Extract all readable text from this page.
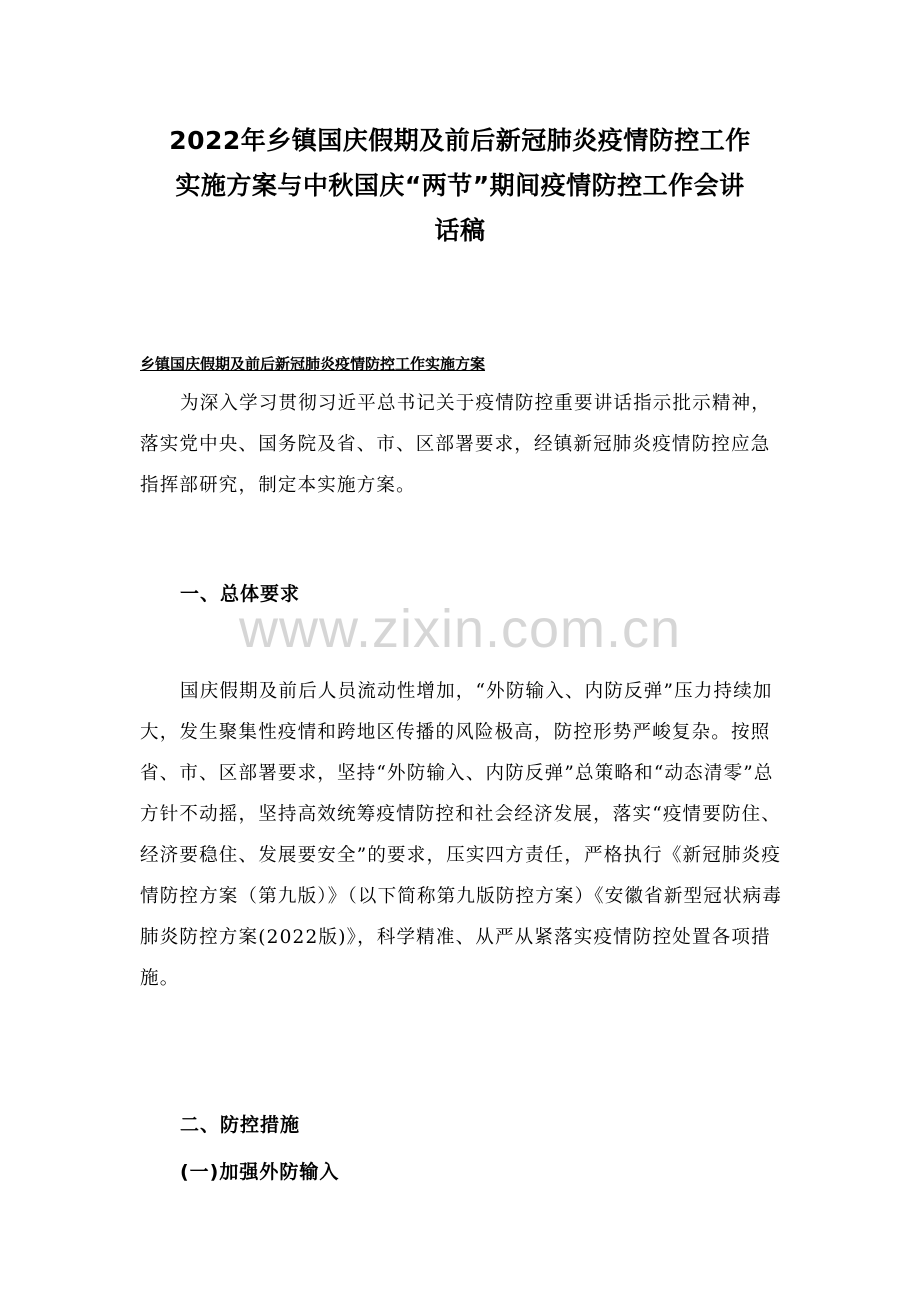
2022年乡镇国庆假期及前后新冠肺炎疫情防控工作
实施方案与中秋国庆“两节”期间疫情防控工作会讲
话稿
乡镇国庆假期及前后新冠肺炎疫情防控工作实施方案

为深入学习贯彻习近平总书记关于疫情防控重要讲话指示批示精神，落实党中央、国务院及省、市、区部署要求，经镇新冠肺炎疫情防控应急指挥部研究，制定本实施方案。

一、总体要求
www.zixin.com.cn

国庆假期及前后人员流动性增加，“外防输入、内防反弹”压力持续加大，发生聚集性疫情和跨地区传播的风险极高，防控形势严峻复杂。按照省、市、区部署要求，坚持“外防输入、内防反弹”总策略和“动态清零”总方针不动摇，坚持高效统筹疫情防控和社会经济发展，落实“疫情要防住、经济要稳住、发展要安全”的要求，压实四方责任，严格执行《新冠肺炎疫情防控方案（第九版）》（以下简称第九版防控方案）《安徽省新型冠状病毒肺炎防控方案(2022版)》，科学精准、从严从紧落实疫情防控处置各项措施。

二、防控措施
(一)加强外防输入
